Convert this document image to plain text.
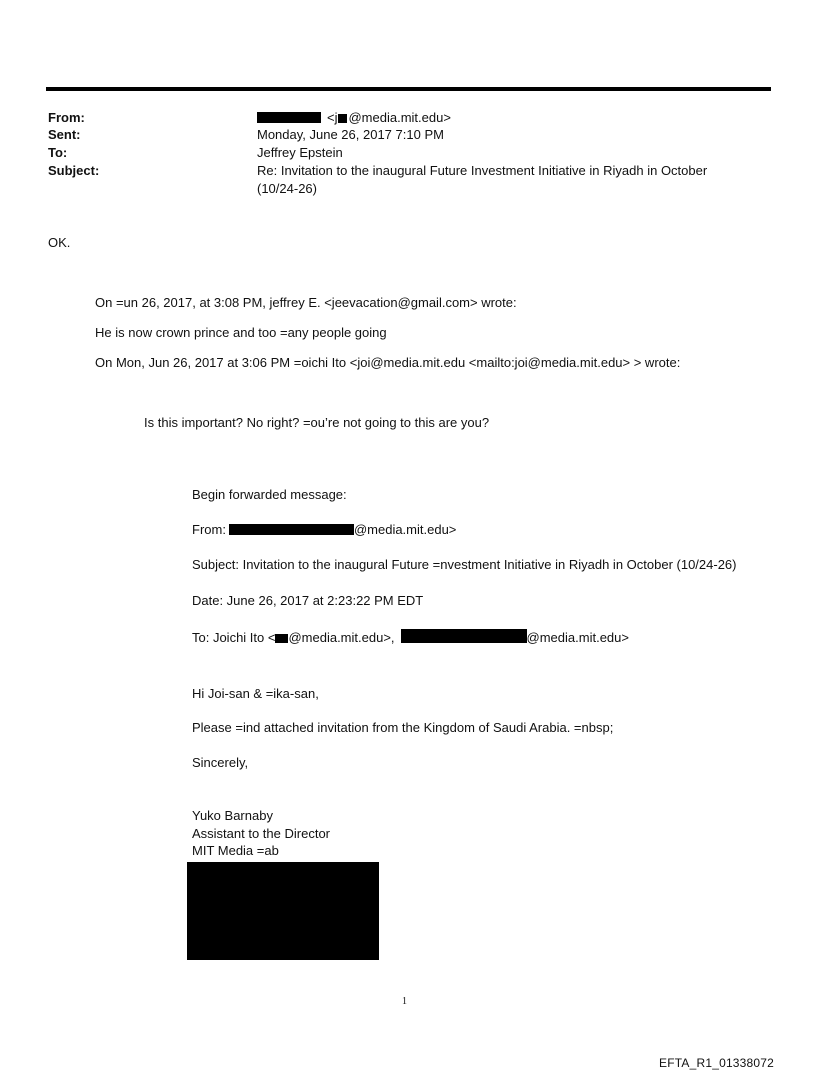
From:	<j @media.mit.edu>
Sent:	Monday, June 26, 2017 7:10 PM
To:	Jeffrey Epstein
Subject:	Re: Invitation to the inaugural Future Investment Initiative in Riyadh in October
(10/24-26)
OK.
On =un 26, 2017, at 3:08 PM, jeffrey E. <jeevacation@gmail.com> wrote:
He is now crown prince and too =any people going
On Mon, Jun 26, 2017 at 3:06 PM =oichi Ito <joi@media.mit.edu <mailto:joi@media.mit.edu> > wrote:
Is this important? No right? =ou’re not going to this are you?
Begin forwarded message:
From:	@media.mit.edu>
Subject: Invitation to the inaugural Future =nvestment Initiative in Riyadh in October (10/24-26)
Date: June 26, 2017 at 2:23:22 PM EDT
To: Joichi Ito < @media.mit.edu>,	@media.mit.edu>
Hi Joi-san & =ika-san,
Please =ind attached invitation from the Kingdom of Saudi Arabia. =nbsp;
Sincerely,
Yuko Barnaby
Assistant to the Director
MIT Media =ab
1
EFTA_R1_01338072
